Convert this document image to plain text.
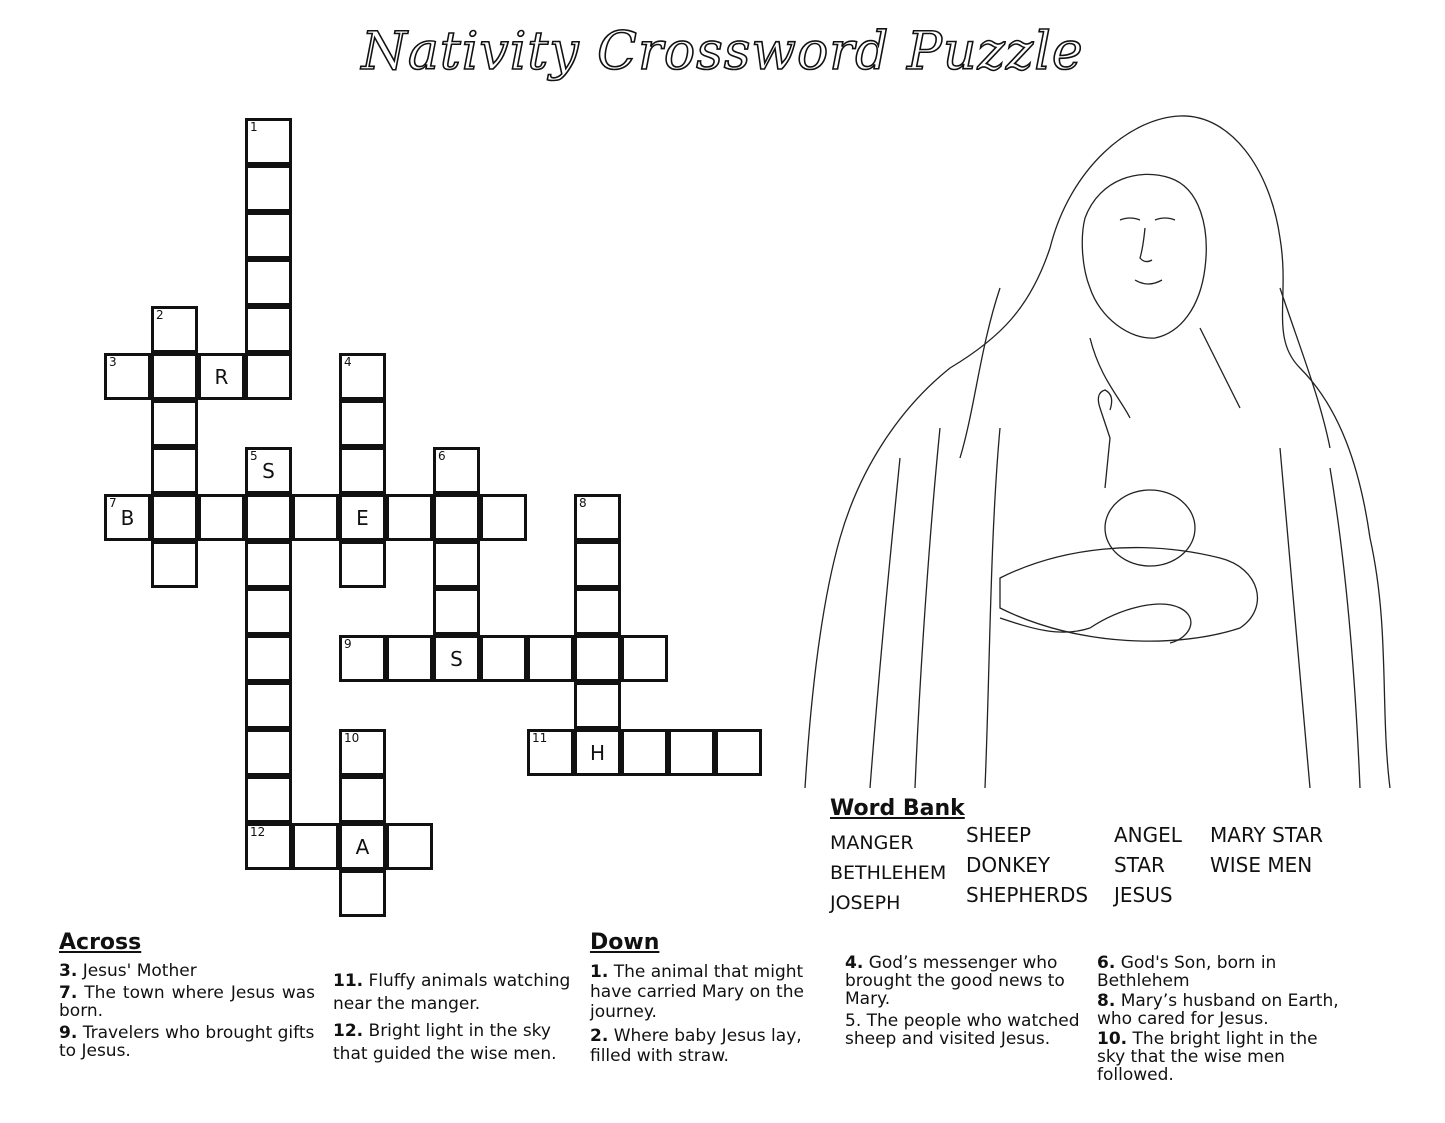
Nativity Crossword Puzzle
1
3
R
2
4
5
S
6
7
B	E
8
9
S
10	11
H
12
A
Word Bank
MANGER
BETHLEHEM
JOSEPH
SHEEP
DONKEY
SHEPHERDS
ANGEL
STAR
JESUS
MARY STAR
WISE MEN
Across
3. Jesus' Mother
7. The town where Jesus was born.
9. Travelers who brought gifts to Jesus.
11. Fluffy animals watching near the manger.
12. Bright light in the sky that guided the wise men.
Down
1. The animal that might have carried Mary on the journey.
2. Where baby Jesus lay, filled with straw.
4. God’s messenger who brought the good news to Mary.
5. The people who watched sheep and visited Jesus.
6. God's Son, born in Bethlehem
8. Mary’s husband on Earth, who cared for Jesus.
10. The bright light in the sky that the wise men followed.
